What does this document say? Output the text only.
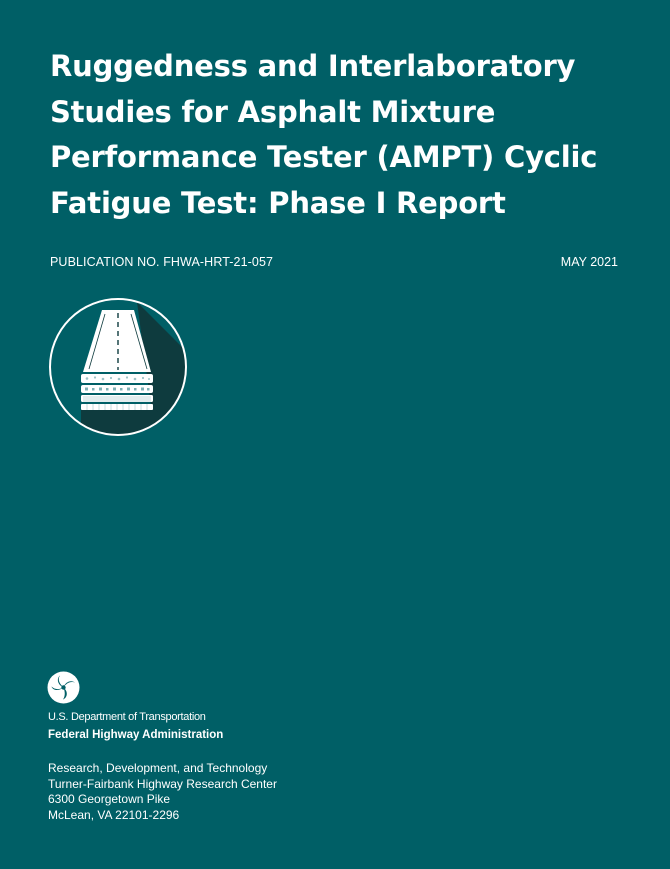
Ruggedness and Interlaboratory
Studies for Asphalt Mixture
Performance Tester (AMPT) Cyclic
Fatigue Test: Phase I Report
PUBLICATION NO. FHWA-HRT-21-057	MAY 2021
U.S. Department of Transportation
Federal Highway Administration
Research, Development, and Technology
Turner-Fairbank Highway Research Center
6300 Georgetown Pike
McLean, VA 22101-2296
